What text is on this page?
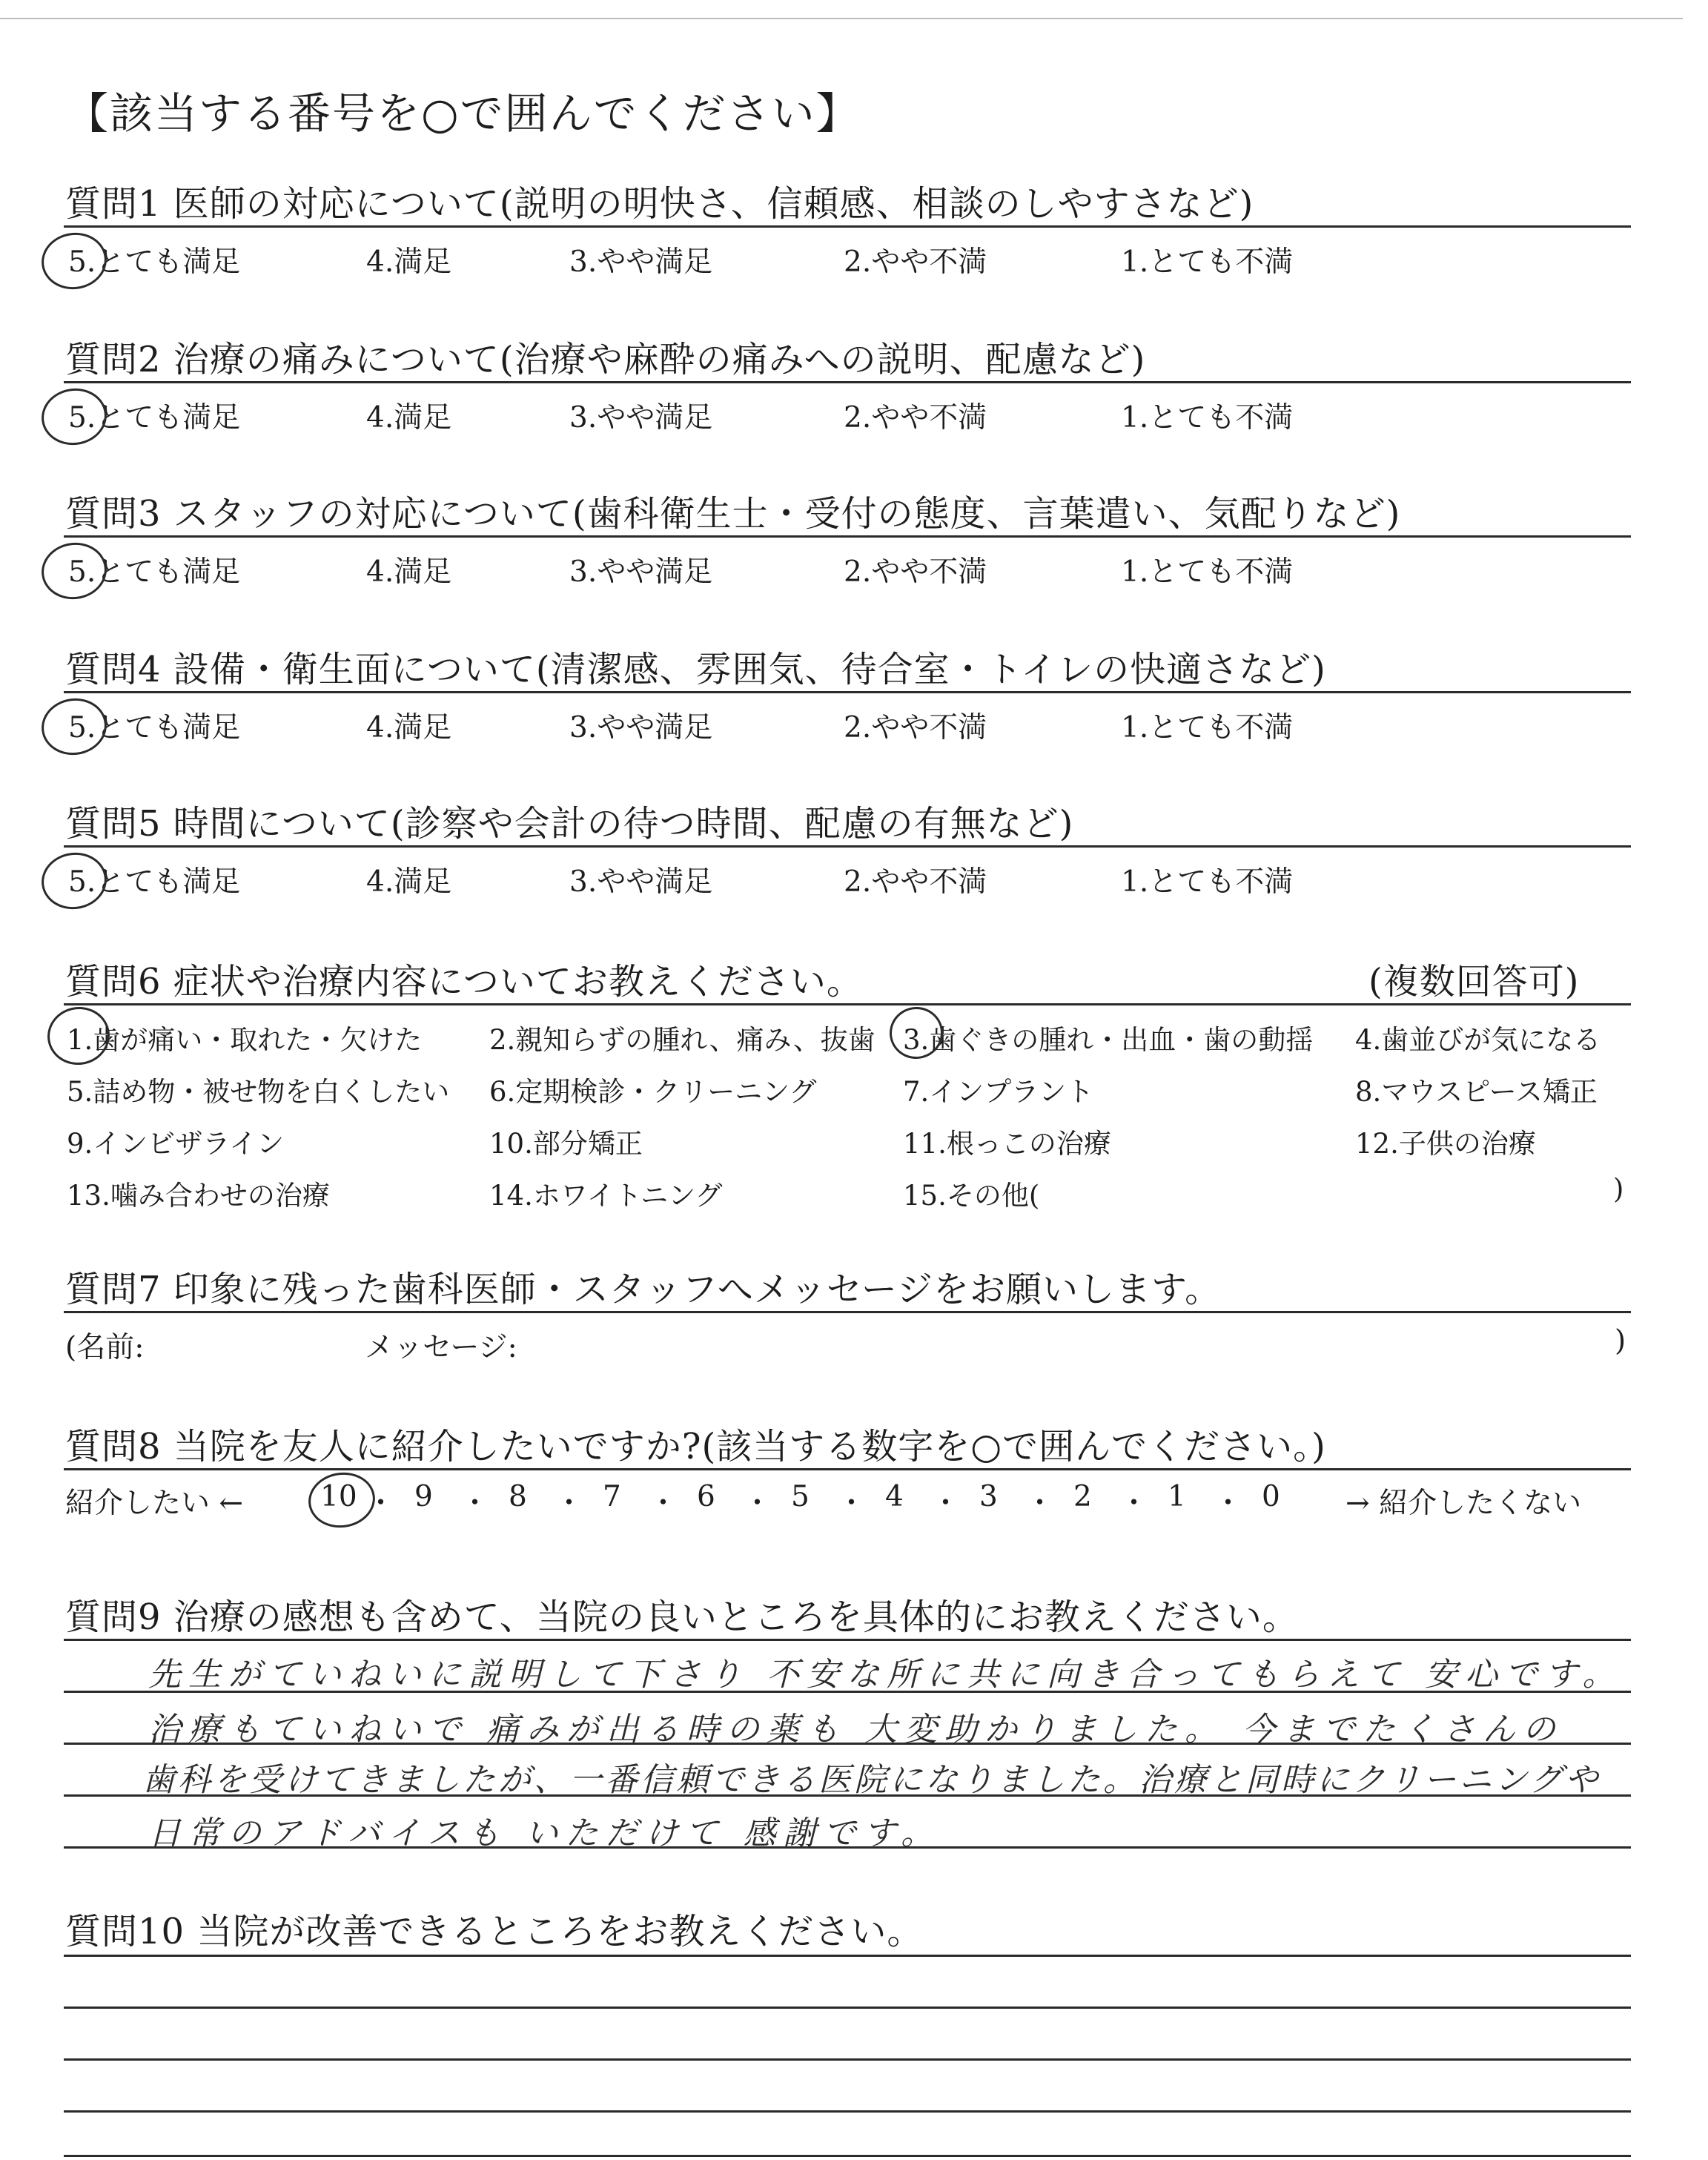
【該当する番号を○で囲んでください】
質問1 医師の対応について(説明の明快さ、信頼感、相談のしやすさなど)
5.とても満足	4.満足	3.やや満足	2.やや不満	1.とても不満
質問2 治療の痛みについて(治療や麻酔の痛みへの説明、配慮など)
5.とても満足	4.満足	3.やや満足	2.やや不満	1.とても不満
質問3 スタッフの対応について(歯科衛生士・受付の態度、言葉遣い、気配りなど)
5.とても満足	4.満足	3.やや満足	2.やや不満	1.とても不満
質問4 設備・衛生面について(清潔感、雰囲気、待合室・トイレの快適さなど)
5.とても満足	4.満足	3.やや満足	2.やや不満	1.とても不満
質問5 時間について(診察や会計の待つ時間、配慮の有無など)
5.とても満足	4.満足	3.やや満足	2.やや不満	1.とても不満
質問6 症状や治療内容についてお教えください。	(複数回答可)
1.歯が痛い・取れた・欠けた 2.親知らずの腫れ、痛み、抜歯 3.歯ぐきの腫れ・出血・歯の動揺 4.歯並びが気になる
5.詰め物・被せ物を白くしたい 6.定期検診・クリーニング	7.インプラント	8.マウスピース矯正
9.インビザライン	10.部分矯正	11.根っこの治療	12.子供の治療
13.噛み合わせの治療	14.ホワイトニング	15.その他(	)
質問7 印象に残った歯科医師・スタッフへメッセージをお願いします。
(名前:	メッセージ:	)
質問8 当院を友人に紹介したいですか?(該当する数字を○で囲んでください。)
紹介したい ←	10 ・ 9 ・ 8 ・ 7 ・ 6 ・ 5 ・ 4 ・ 3 ・ 2 ・ 1 ・ 0 → 紹介したくない
質問9 治療の感想も含めて、当院の良いところを具体的にお教えください。
先生がていねいに説明して下さり 不安な所に共に向き合ってもらえて 安心です。
治療もていねいで 痛みが出る時の薬も 大変助かりました。 今までたくさんの
歯科を受けてきましたが、一番信頼できる医院になりました。治療と同時にクリーニングや
日常のアドバイスも いただけて 感謝です。
質問10 当院が改善できるところをお教えください。
